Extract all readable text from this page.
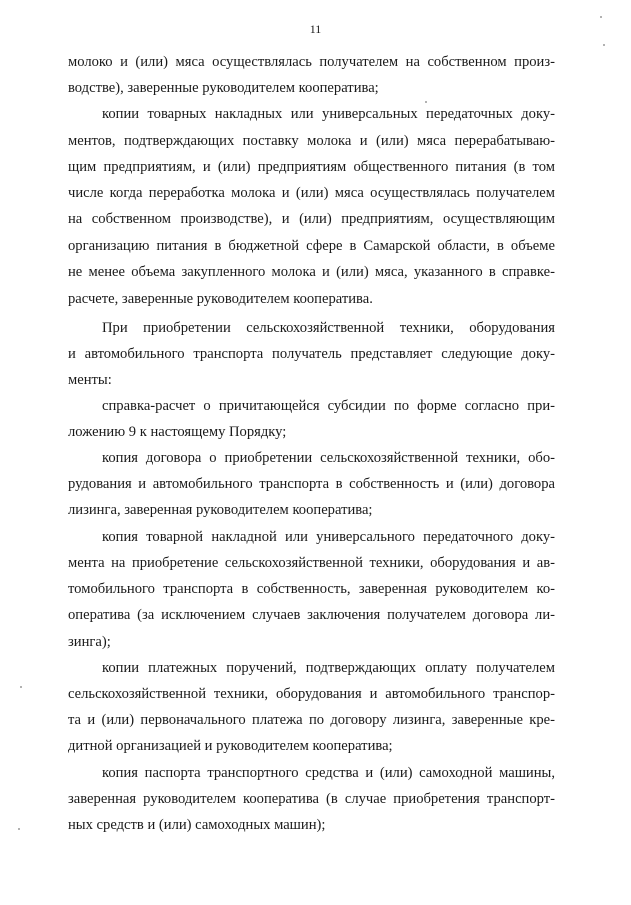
11
молоко и (или) мяса осуществлялась получателем на собственном произ-
водстве), заверенные руководителем кооператива;
копии товарных накладных или универсальных передаточных доку-
ментов, подтверждающих поставку молока и (или) мяса перерабатываю-
щим предприятиям, и (или) предприятиям общественного питания (в том
числе когда переработка молока и (или) мяса осуществлялась получателем
на собственном производстве), и (или) предприятиям, осуществляющим
организацию питания в бюджетной сфере в Самарской области, в объеме
не менее объема закупленного молока и (или) мяса, указанного в справке-
расчете, заверенные руководителем кооператива.
При приобретении сельскохозяйственной техники, оборудования
и автомобильного транспорта получатель представляет следующие доку-
менты:
справка-расчет о причитающейся субсидии по форме согласно при-
ложению 9 к настоящему Порядку;
копия договора о приобретении сельскохозяйственной техники, обо-
рудования и автомобильного транспорта в собственность и (или) договора
лизинга, заверенная руководителем кооператива;
копия товарной накладной или универсального передаточного доку-
мента на приобретение сельскохозяйственной техники, оборудования и ав-
томобильного транспорта в собственность, заверенная руководителем ко-
оператива (за исключением случаев заключения получателем договора ли-
зинга);
копии платежных поручений, подтверждающих оплату получателем
сельскохозяйственной техники, оборудования и автомобильного транспор-
та и (или) первоначального платежа по договору лизинга, заверенные кре-
дитной организацией и руководителем кооператива;
копия паспорта транспортного средства и (или) самоходной машины,
заверенная руководителем кооператива (в случае приобретения транспорт-
ных средств и (или) самоходных машин);
